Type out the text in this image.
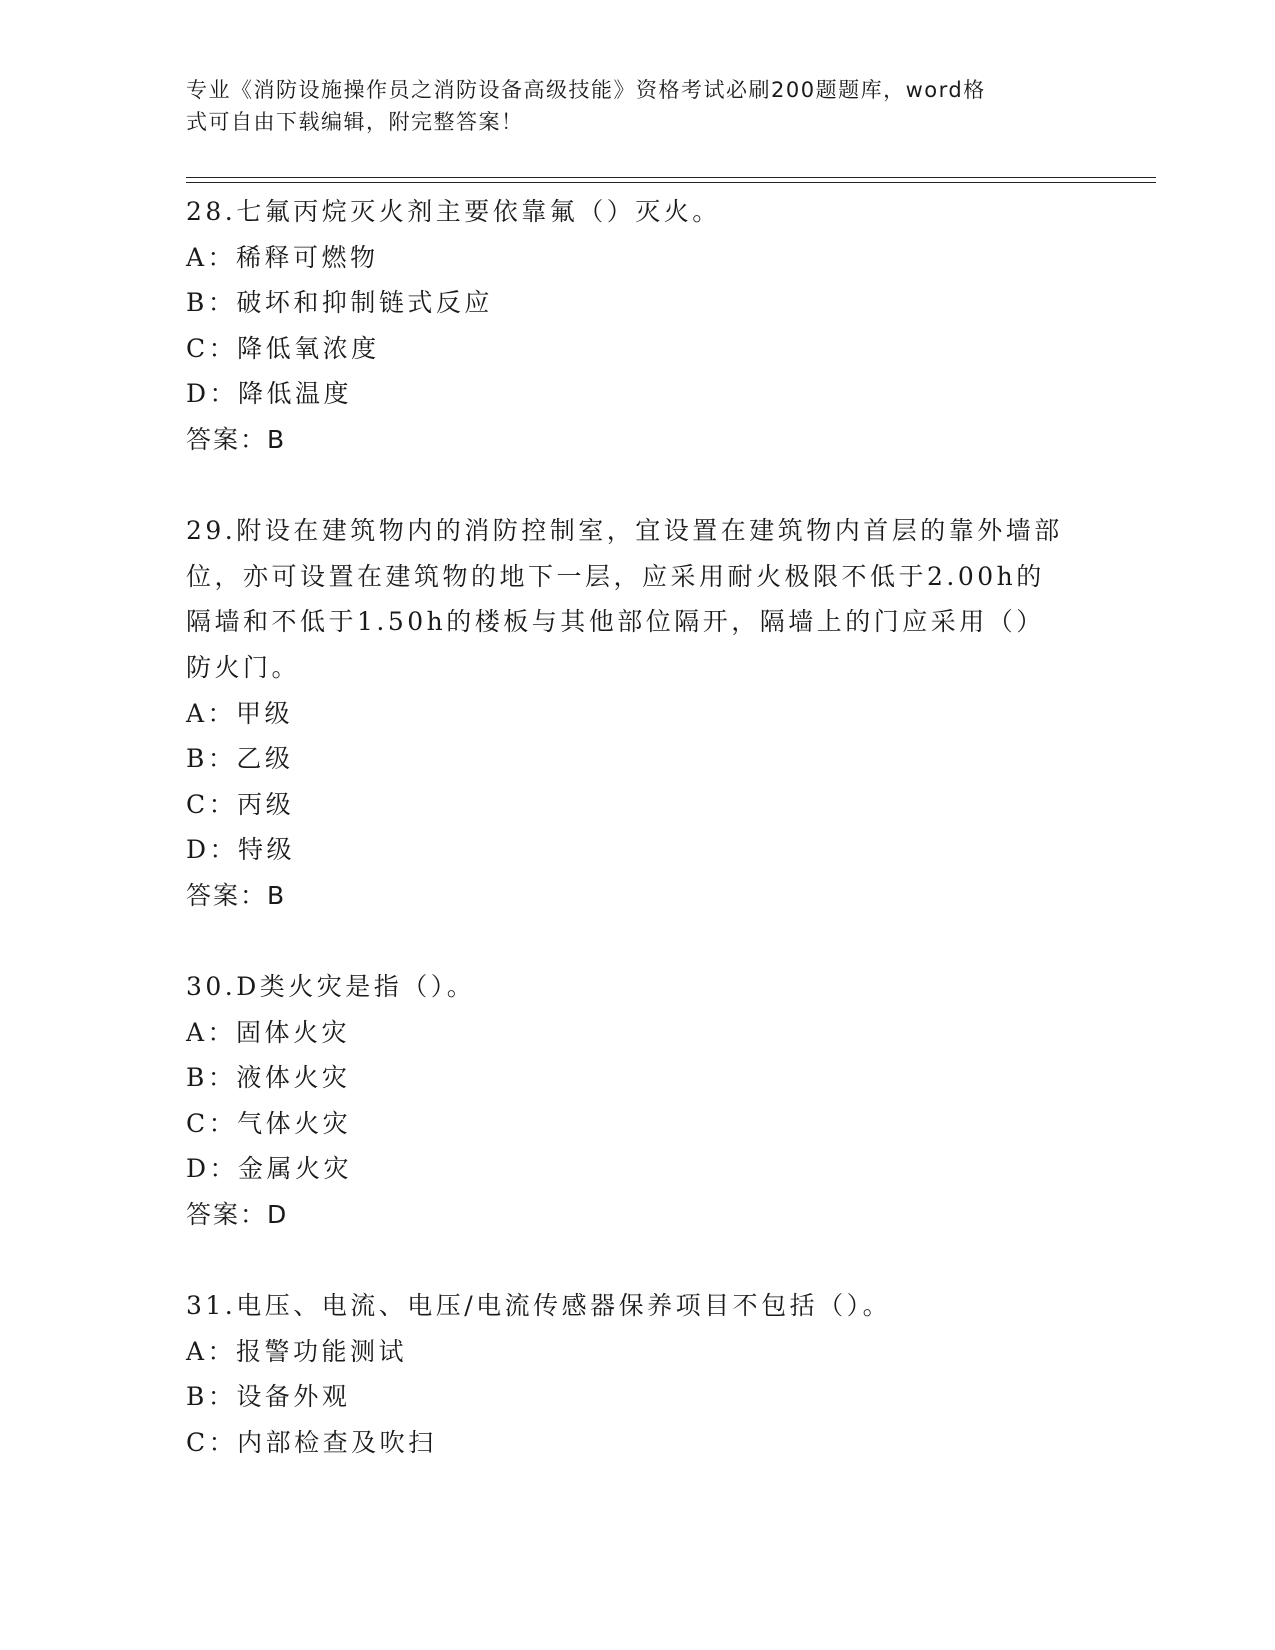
专业《消防设施操作员之消防设备高级技能》资格考试必刷200题题库，word格
式可自由下载编辑，附完整答案！
28.七氟丙烷灭火剂主要依靠氟（）灭火。
A：稀释可燃物
B：破坏和抑制链式反应
C：降低氧浓度
D：降低温度
答案：B
29.附设在建筑物内的消防控制室，宜设置在建筑物内首层的靠外墙部
位，亦可设置在建筑物的地下一层，应采用耐火极限不低于2.00h的
隔墙和不低于1.50h的楼板与其他部位隔开，隔墙上的门应采用（）
防火门。
A：甲级
B：乙级
C：丙级
D：特级
答案：B
30.D类火灾是指（）。
A：固体火灾
B：液体火灾
C：气体火灾
D：金属火灾
答案：D
31.电压、电流、电压/电流传感器保养项目不包括（）。
A：报警功能测试
B：设备外观
C：内部检查及吹扫
